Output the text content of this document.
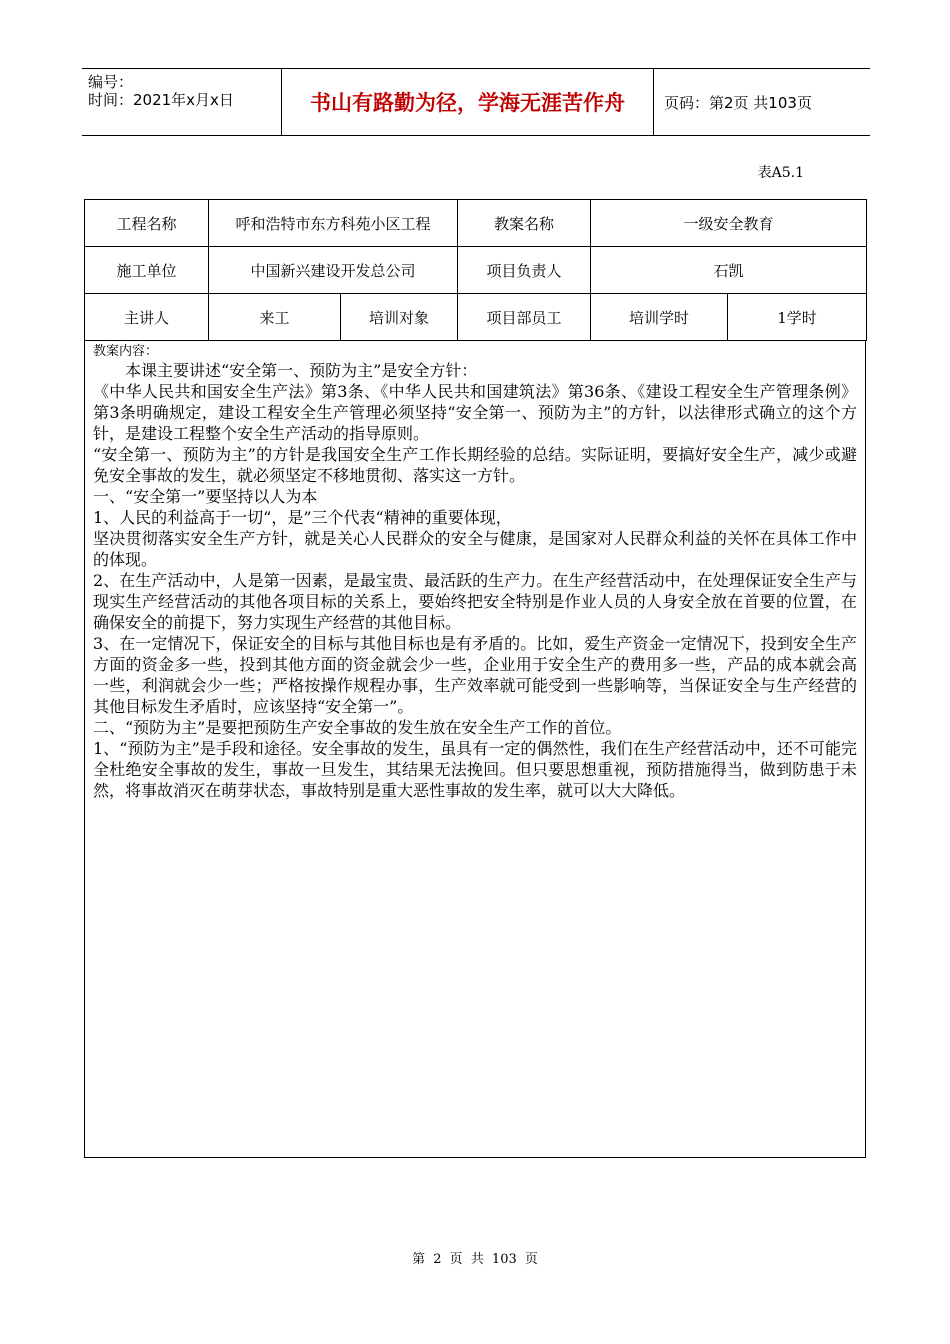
编号：
时间：2021年x月x日	书山有路勤为径，学海无涯苦作舟	页码：第2页 共103页
表A5.1
工程名称	呼和浩特市东方科苑小区工程		教案名称	一级安全教育	
施工单位	中国新兴建设开发总公司		项目负责人	石凯	
主讲人	来工	培训对象	项目部员工	培训学时	1学时
教案内容：

本课主要讲述“安全第一、预防为主”是安全方针：

《中华人民共和国安全生产法》第3条、《中华人民共和国建筑法》第36条、《建设工程安全生产管理条例》第3条明确规定，建设工程安全生产管理必须坚持“安全第一、预防为主”的方针，以法律形式确立的这个方针，是建设工程整个安全生产活动的指导原则。

“安全第一、预防为主”的方针是我国安全生产工作长期经验的总结。实际证明，要搞好安全生产，减少或避免安全事故的发生，就必须坚定不移地贯彻、落实这一方针。

一、“安全第一”要坚持以人为本

1、人民的利益高于一切“，是”三个代表“精神的重要体现，

坚决贯彻落实安全生产方针，就是关心人民群众的安全与健康，是国家对人民群众利益的关怀在具体工作中的体现。

2、在生产活动中，人是第一因素，是最宝贵、最活跃的生产力。在生产经营活动中，在处理保证安全生产与现实生产经营活动的其他各项目标的关系上，要始终把安全特别是作业人员的人身安全放在首要的位置，在确保安全的前提下，努力实现生产经营的其他目标。

3、在一定情况下，保证安全的目标与其他目标也是有矛盾的。比如，爱生产资金一定情况下，投到安全生产方面的资金多一些，投到其他方面的资金就会少一些，企业用于安全生产的费用多一些，产品的成本就会高一些，利润就会少一些；严格按操作规程办事，生产效率就可能受到一些影响等，当保证安全与生产经营的其他目标发生矛盾时，应该坚持“安全第一”。

二、“预防为主”是要把预防生产安全事故的发生放在安全生产工作的首位。

1、“预防为主”是手段和途径。安全事故的发生，虽具有一定的偶然性，我们在生产经营活动中，还不可能完全杜绝安全事故的发生，事故一旦发生，其结果无法挽回。但只要思想重视，预防措施得当，做到防患于未然，将事故消灭在萌芽状态，事故特别是重大恶性事故的发生率，就可以大大降低。

第 2 页 共 103 页
